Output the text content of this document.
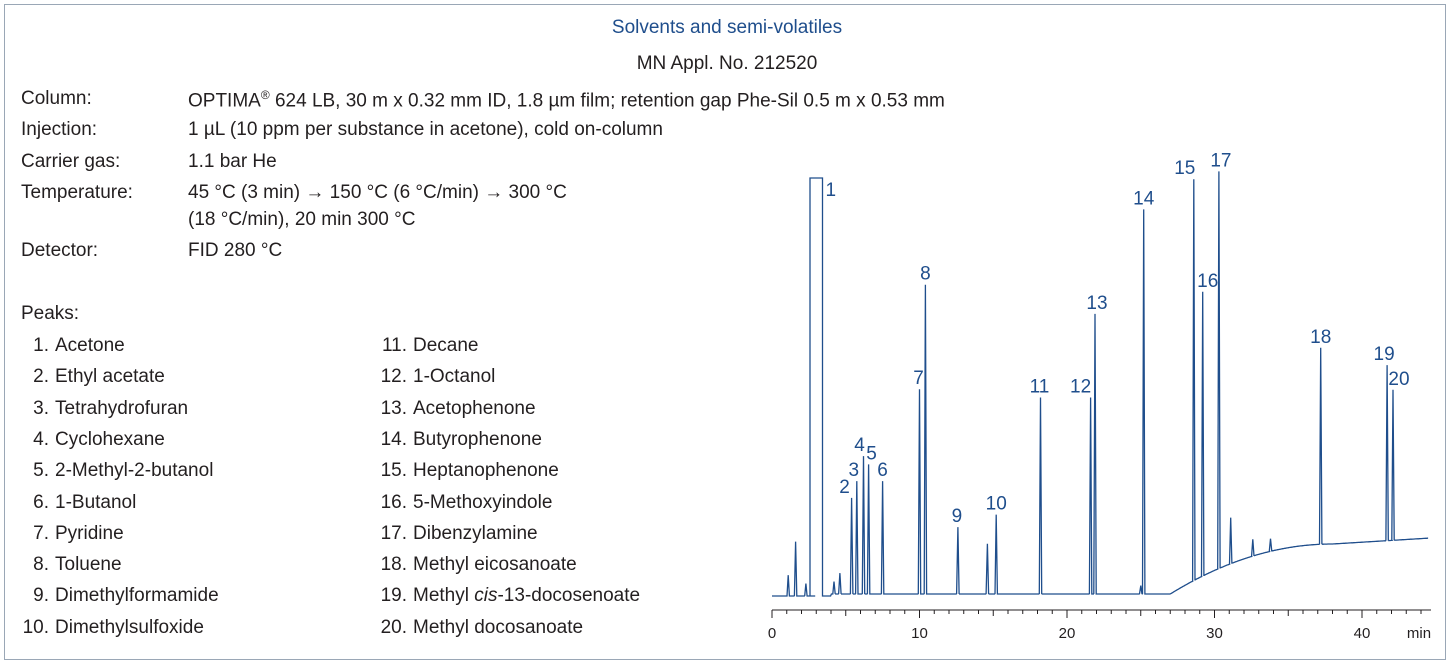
Solvents and semi-volatiles
MN Appl. No. 212520
Column:	OPTIMA® 624 LB, 30 m x 0.32 mm ID, 1.8 µm film; retention gap Phe-Sil 0.5 m x 0.53 mm
Injection:	1 µL (10 ppm per substance in acetone), cold on-column
Carrier gas:	1.1 bar He
Temperature:	45 °C (3 min) → 150 °C (6 °C/min) → 300 °C
(18 °C/min), 20 min 300 °C
Detector:	FID 280 °C
Peaks:
1. Acetone
2. Ethyl acetate
3. Tetrahydrofuran
4. Cyclohexane
5. 2-Methyl-2-butanol
6. 1-Butanol
7. Pyridine
8. Toluene
9. Dimethylformamide
10. Dimethylsulfoxide
11. Decane
12. 1-Octanol
13. Acetophenone
14. Butyrophenone
15. Heptanophenone
16. 5-Methoxyindole
17. Dibenzylamine
18. Methyl eicosanoate
19. Methyl cis-13-docosenoate
20. Methyl docosanoate
1
2
3
4 5
6
7
8
9
10
11 12
13
14
15
16
17
18
19
20
0	10	20	30	40 min
